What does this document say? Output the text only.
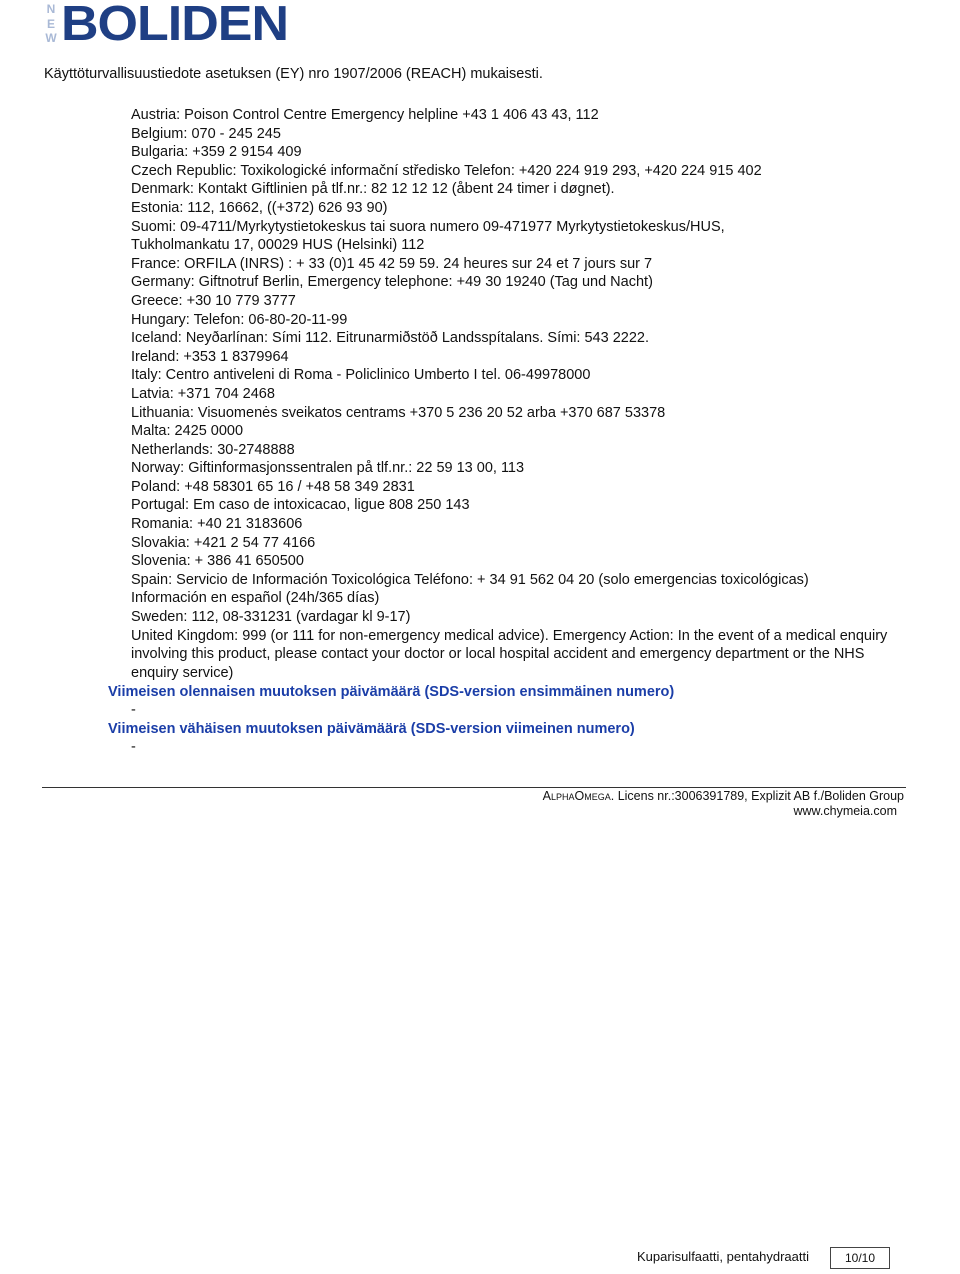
N
E
W BOLIDEN
Käyttöturvallisuustiedote asetuksen (EY) nro 1907/2006 (REACH) mukaisesti.
Austria: Poison Control Centre Emergency helpline +43 1 406 43 43, 112
Belgium: 070 - 245 245
Bulgaria: +359 2 9154 409
Czech Republic: Toxikologické informační středisko Telefon: +420 224 919 293, +420 224 915 402
Denmark: Kontakt Giftlinien på tlf.nr.: 82 12 12 12 (åbent 24 timer i døgnet).
Estonia: 112, 16662, ((+372) 626 93 90)
Suomi: 09-4711/Myrkytystietokeskus tai suora numero 09-471977 Myrkytystietokeskus/HUS,
Tukholmankatu 17, 00029 HUS (Helsinki) 112
France: ORFILA (INRS) : + 33 (0)1 45 42 59 59. 24 heures sur 24 et 7 jours sur 7
Germany: Giftnotruf Berlin, Emergency telephone: +49 30 19240 (Tag und Nacht)
Greece: +30 10 779 3777
Hungary: Telefon: 06-80-20-11-99
Iceland: Neyðarlínan: Sími 112. Eitrunarmiðstöð Landsspítalans. Sími: 543 2222.
Ireland: +353 1 8379964
Italy: Centro antiveleni di Roma - Policlinico Umberto I tel. 06-49978000
Latvia: +371 704 2468
Lithuania: Visuomenės sveikatos centrams +370 5 236 20 52 arba +370 687 53378
Malta: 2425 0000
Netherlands: 30-2748888
Norway: Giftinformasjonssentralen på tlf.nr.: 22 59 13 00, 113
Poland: +48 58301 65 16 / +48 58 349 2831
Portugal: Em caso de intoxicacao, ligue 808 250 143
Romania: +40 21 3183606
Slovakia: +421 2 54 77 4166
Slovenia: + 386 41 650500
Spain: Servicio de Información Toxicológica Teléfono: + 34 91 562 04 20 (solo emergencias toxicológicas)
Información en español (24h/365 días)
Sweden: 112, 08-331231 (vardagar kl 9-17)
United Kingdom: 999 (or 111 for non-emergency medical advice). Emergency Action: In the event of a medical enquiry involving this product, please contact your doctor or local hospital accident and emergency department or the NHS enquiry service)
Viimeisen olennaisen muutoksen päivämäärä (SDS-version ensimmäinen numero)
-
Viimeisen vähäisen muutoksen päivämäärä (SDS-version viimeinen numero)
-
AlphaOmega. Licens nr.:3006391789, Explizit AB f./Boliden Group
www.chymeia.com
Kuparisulfaatti, pentahydraatti	10/10
